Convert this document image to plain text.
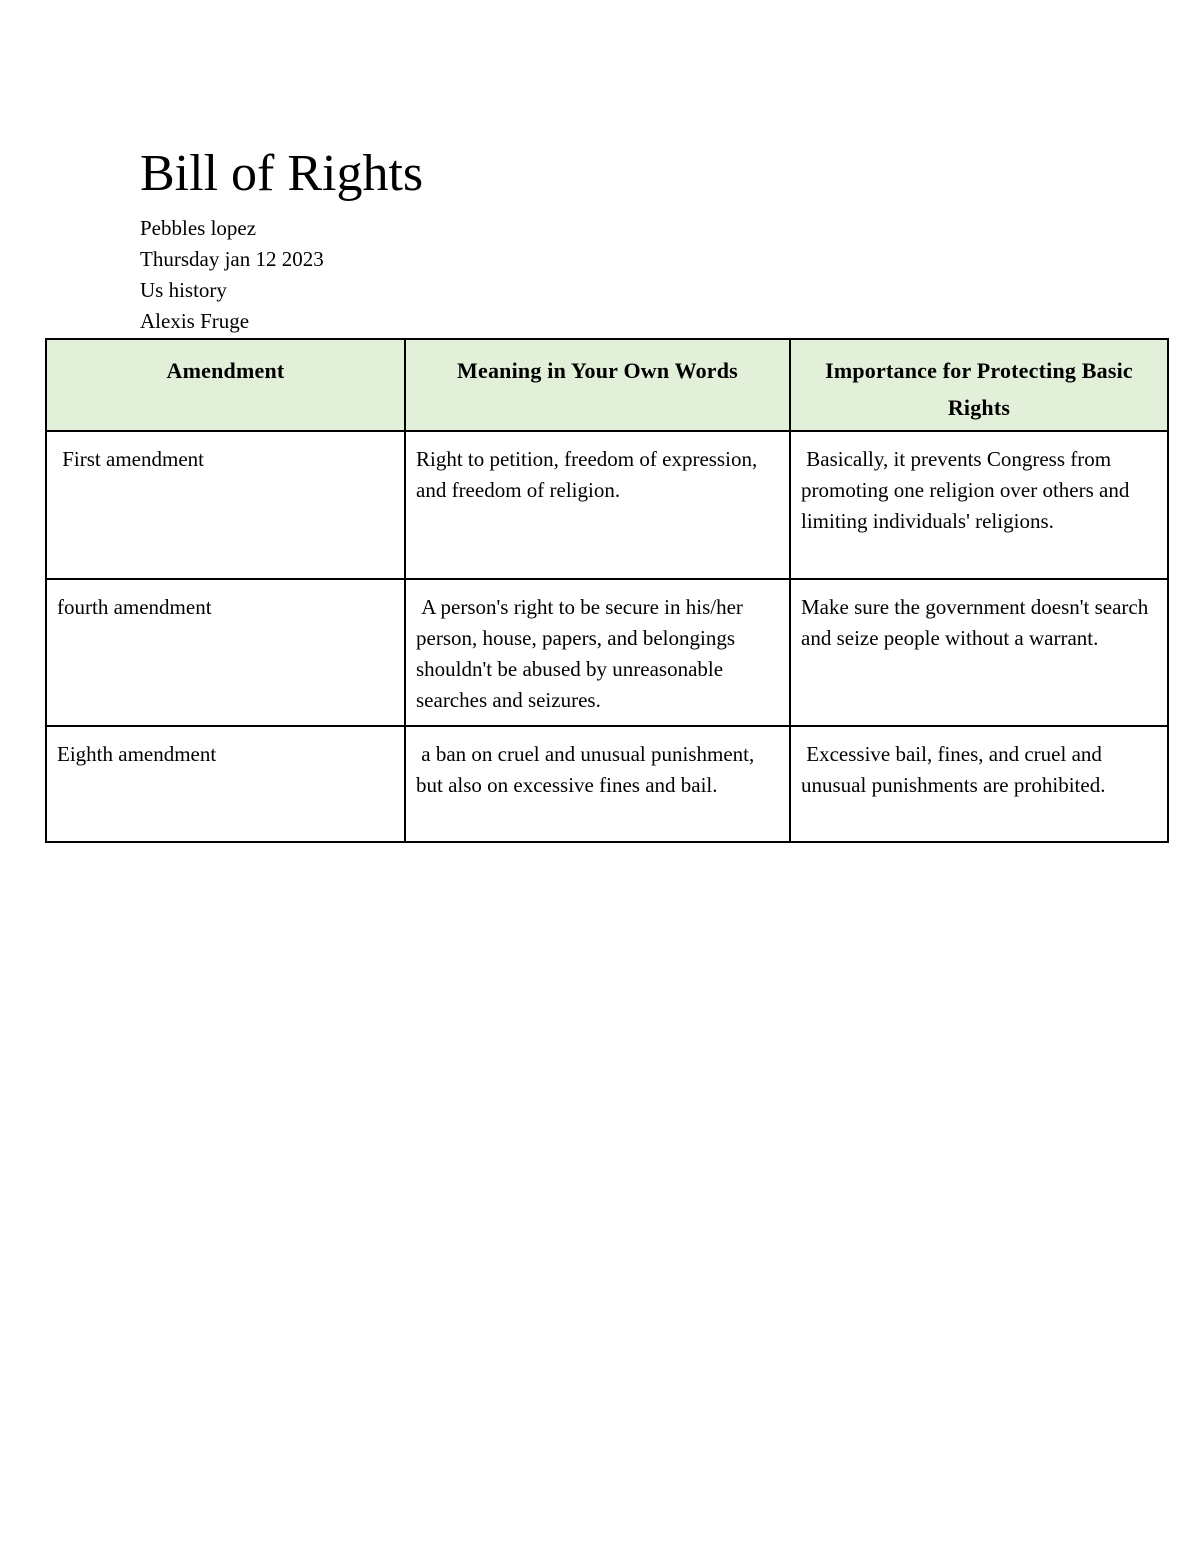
Bill of Rights
Pebbles lopez
Thursday jan 12 2023
Us history
Alexis Fruge
Amendment	Meaning in Your Own Words	Importance for Protecting Basic Rights
First amendment	Right to petition, freedom of expression, and freedom of religion.	Basically, it prevents Congress from promoting one religion over others and limiting individuals' religions.
fourth amendment	A person's right to be secure in his/her person, house, papers, and belongings shouldn't be abused by unreasonable searches and seizures.	Make sure the government doesn't search and seize people without a warrant.
Eighth amendment	a ban on cruel and unusual punishment, but also on excessive fines and bail.	Excessive bail, fines, and cruel and unusual punishments are prohibited.
